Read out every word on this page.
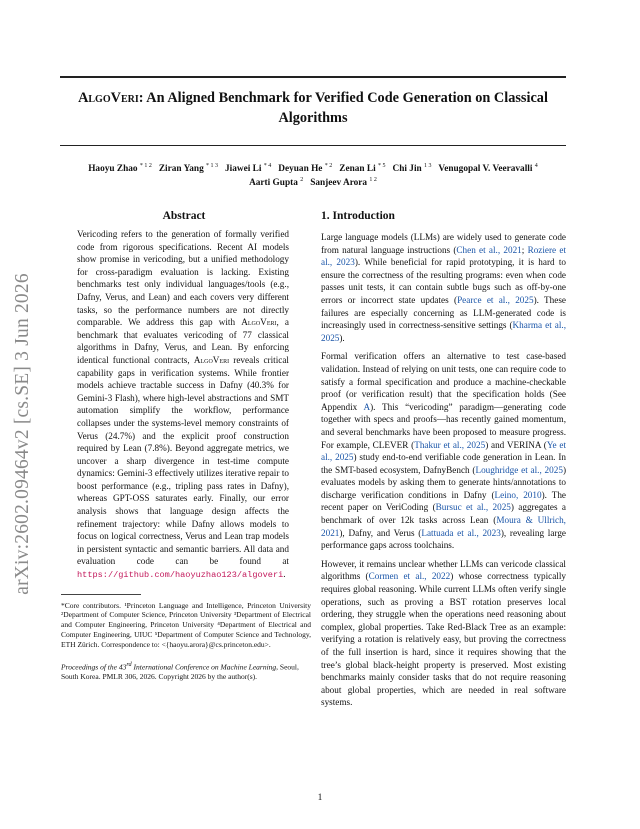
AlgoVeri: An Aligned Benchmark for Verified Code Generation on Classical Algorithms
arXiv:2602.09464v2 [cs.SE] 3 Jun 2026
Haoyu Zhao $^{* 1 2}$ Ziran Yang $^{* 1 3}$ Jiawei Li $^{* 4}$ Deyuan He $^{* 2}$ Zenan Li $^{* 5}$ Chi Jin $^{1 3}$ Venugopal V. Veeravalli $^4$
Aarti Gupta $^2$ Sanjeev Arora $^{1 2}$
Abstract

Vericoding refers to the generation of formally verified code from rigorous specifications. Recent AI models show promise in vericoding, but a unified methodology for cross-paradigm evaluation is lacking. Existing benchmarks test only individual languages/tools (e.g., Dafny, Verus, and Lean) and each covers very different tasks, so the performance numbers are not directly comparable. We address this gap with AlgoVeri, a benchmark that evaluates vericoding of 77 classical algorithms in Dafny, Verus, and Lean. By enforcing identical functional contracts, AlgoVeri reveals critical capability gaps in verification systems. While frontier models achieve tractable success in Dafny (40.3% for Gemini-3 Flash), where high-level abstractions and SMT automation simplify the workflow, performance collapses under the systems-level memory constraints of Verus (24.7%) and the explicit proof construction required by Lean (7.8%). Beyond aggregate metrics, we uncover a sharp divergence in test-time compute dynamics: Gemini-3 effectively utilizes iterative repair to boost performance (e.g., tripling pass rates in Dafny), whereas GPT-OSS saturates early. Finally, our error analysis shows that language design affects the refinement trajectory: while Dafny allows models to focus on logical correctness, Verus and Lean trap models in persistent syntactic and semantic barriers. All data and evaluation code can be found at https://github.com/haoyuzhao123/algoveri.

*Core contributors. ¹Princeton Language and Intelligence, Princeton University ²Department of Computer Science, Princeton University ³Department of Electrical and Computer Engineering, Princeton University ⁴Department of Electrical and Computer Engineering, UIUC ⁵Department of Computer Science and Technology, ETH Zürich. Correspondence to: <{haoyu.arora}@cs.princeton.edu>.

Proceedings of the 43rd International Conference on Machine Learning, Seoul, South Korea. PMLR 306, 2026. Copyright 2026 by the author(s).

1. Introduction

Large language models (LLMs) are widely used to generate code from natural language instructions (Chen et al., 2021; Roziere et al., 2023). While beneficial for rapid prototyping, it is hard to ensure the correctness of the resulting programs: even when code passes unit tests, it can contain subtle bugs such as off-by-one errors or incorrect state updates (Pearce et al., 2025). These failures are especially concerning as LLM-generated code is increasingly used in correctness-sensitive settings (Kharma et al., 2025).

Formal verification offers an alternative to test case-based validation. Instead of relying on unit tests, one can require code to satisfy a formal specification and produce a machine-checkable proof (or verification result) that the specification holds (See Appendix A). This “vericoding” paradigm—generating code together with specs and proofs—has recently gained momentum, and several benchmarks have been proposed to measure progress. For example, CLEVER (Thakur et al., 2025) and VERINA (Ye et al., 2025) study end-to-end verifiable code generation in Lean. In the SMT-based ecosystem, DafnyBench (Loughridge et al., 2025) evaluates models by asking them to generate hints/annotations to discharge verification conditions in Dafny (Leino, 2010). The recent paper on VeriCoding (Bursuc et al., 2025) aggregates a benchmark of over 12k tasks across Lean (Moura & Ullrich, 2021), Dafny, and Verus (Lattuada et al., 2023), revealing large performance gaps across toolchains.

However, it remains unclear whether LLMs can vericode classical algorithms (Cormen et al., 2022) whose correctness typically requires global reasoning. While current LLMs often verify single operations, such as proving a BST rotation preserves local ordering, they struggle when the operations need reasoning about complex, global properties. Take Red-Black Tree as an example: verifying a rotation is relatively easy, but proving the correctness of the full insertion is hard, since it requires showing that the tree’s global black-height property is preserved. Most existing benchmarks mainly consider tasks that do not require reasoning about global properties, which are needed in real software systems.

1
